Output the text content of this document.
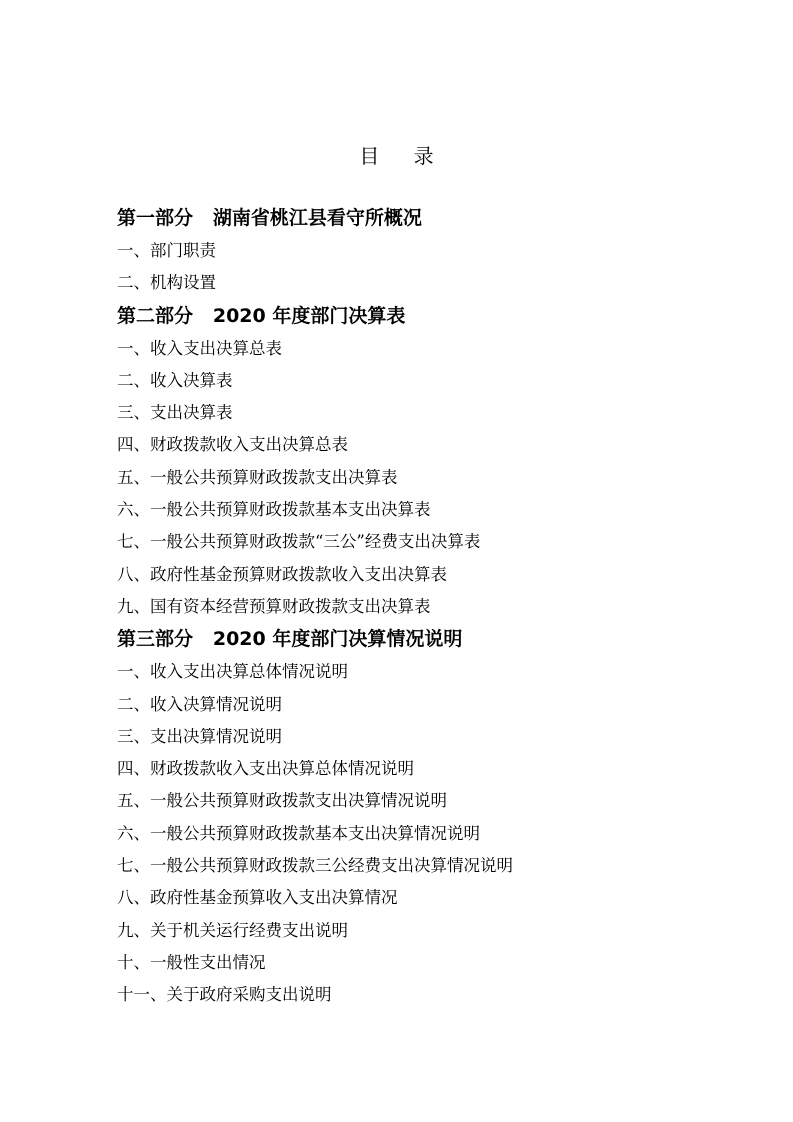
目 录
第一部分   湖南省桃江县看守所概况
一、部门职责
二、机构设置
第二部分   2020 年度部门决算表
一、收入支出决算总表
二、收入决算表
三、支出决算表
四、财政拨款收入支出决算总表
五、一般公共预算财政拨款支出决算表
六、一般公共预算财政拨款基本支出决算表
七、一般公共预算财政拨款“三公”经费支出决算表
八、政府性基金预算财政拨款收入支出决算表
九、国有资本经营预算财政拨款支出决算表
第三部分   2020 年度部门决算情况说明
一、收入支出决算总体情况说明
二、收入决算情况说明
三、支出决算情况说明
四、财政拨款收入支出决算总体情况说明
五、一般公共预算财政拨款支出决算情况说明
六、一般公共预算财政拨款基本支出决算情况说明
七、一般公共预算财政拨款三公经费支出决算情况说明
八、政府性基金预算收入支出决算情况
九、关于机关运行经费支出说明
十、一般性支出情况
十一、关于政府采购支出说明
